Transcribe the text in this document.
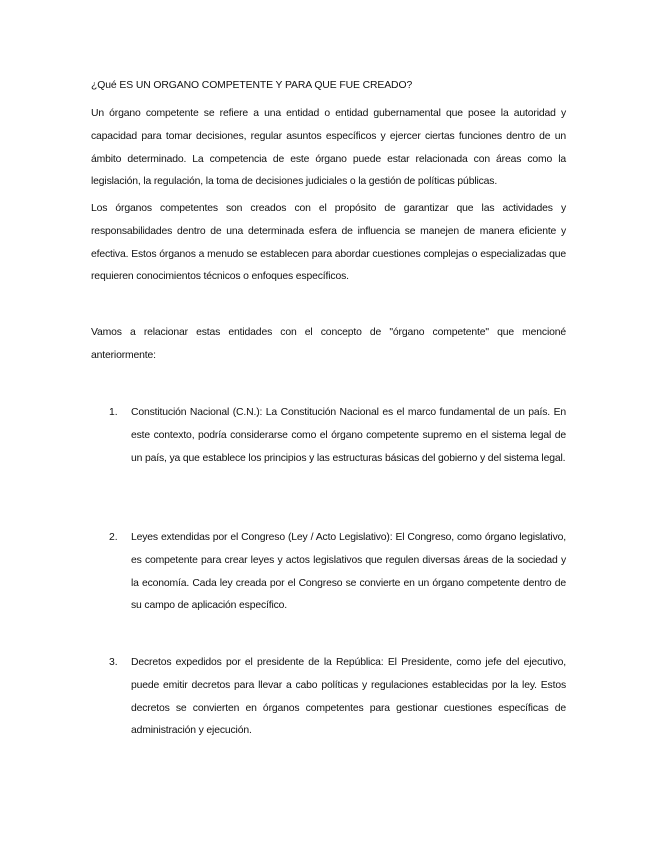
¿Qué ES UN ORGANO COMPETENTE Y PARA QUE FUE CREADO?

Un órgano competente se refiere a una entidad o entidad gubernamental que posee la autoridad y capacidad para tomar decisiones, regular asuntos específicos y ejercer ciertas funciones dentro de un ámbito determinado. La competencia de este órgano puede estar relacionada con áreas como la legislación, la regulación, la toma de decisiones judiciales o la gestión de políticas públicas.

Los órganos competentes son creados con el propósito de garantizar que las actividades y responsabilidades dentro de una determinada esfera de influencia se manejen de manera eficiente y efectiva. Estos órganos a menudo se establecen para abordar cuestiones complejas o especializadas que requieren conocimientos técnicos o enfoques específicos.

Vamos a relacionar estas entidades con el concepto de "órgano competente" que mencioné anteriormente:

1. Constitución Nacional (C.N.): La Constitución Nacional es el marco fundamental de un país. En este contexto, podría considerarse como el órgano competente supremo en el sistema legal de un país, ya que establece los principios y las estructuras básicas del gobierno y del sistema legal.

2. Leyes extendidas por el Congreso (Ley / Acto Legislativo): El Congreso, como órgano legislativo, es competente para crear leyes y actos legislativos que regulen diversas áreas de la sociedad y la economía. Cada ley creada por el Congreso se convierte en un órgano competente dentro de su campo de aplicación específico.

3. Decretos expedidos por el presidente de la República: El Presidente, como jefe del ejecutivo, puede emitir decretos para llevar a cabo políticas y regulaciones establecidas por la ley. Estos decretos se convierten en órganos competentes para gestionar cuestiones específicas de administración y ejecución.
